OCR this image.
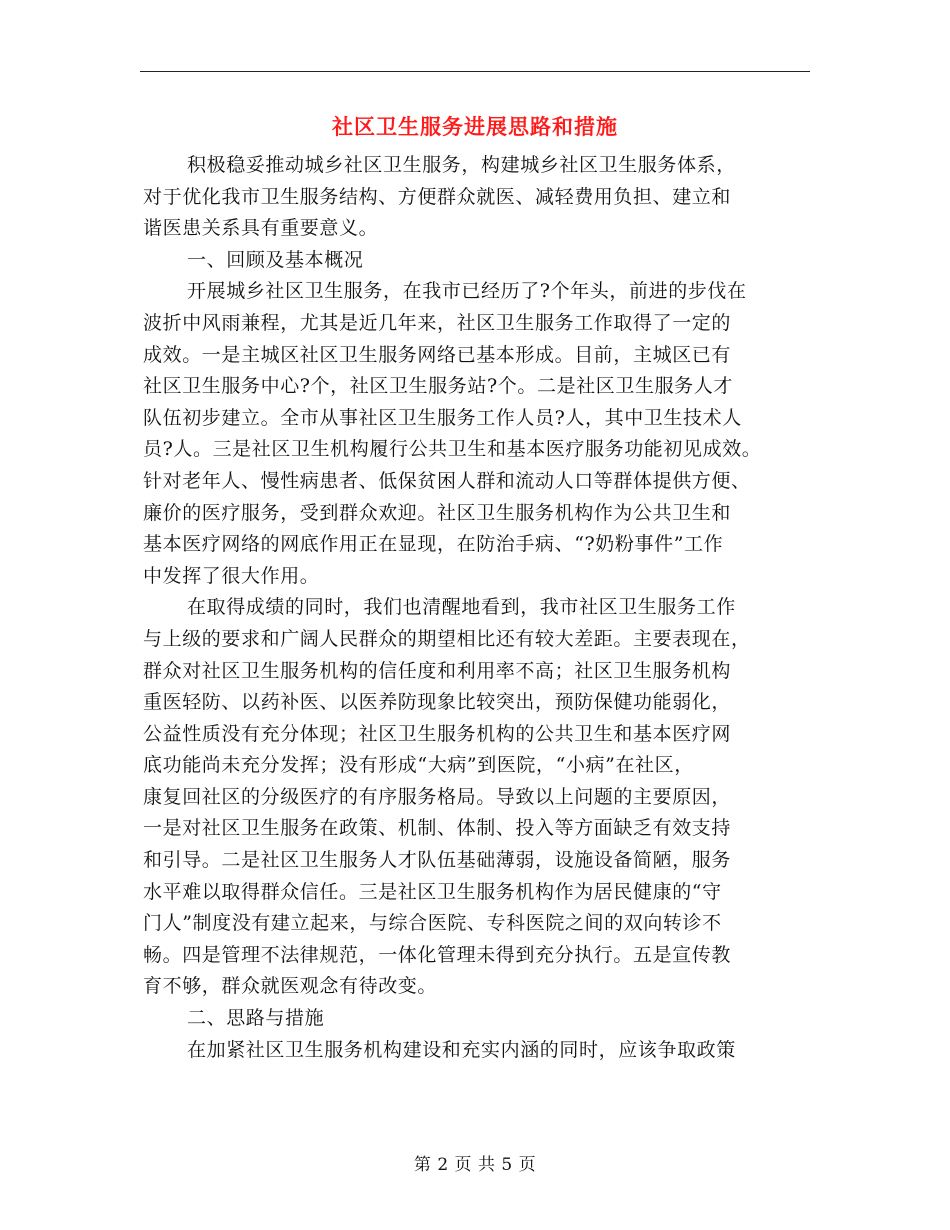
社区卫生服务进展思路和措施
积极稳妥推动城乡社区卫生服务，构建城乡社区卫生服务体系，
对于优化我市卫生服务结构、方便群众就医、减轻费用负担、建立和
谐医患关系具有重要意义。
一、回顾及基本概况
开展城乡社区卫生服务，在我市已经历了?个年头，前进的步伐在
波折中风雨兼程，尤其是近几年来，社区卫生服务工作取得了一定的
成效。一是主城区社区卫生服务网络已基本形成。目前，主城区已有
社区卫生服务中心?个，社区卫生服务站?个。二是社区卫生服务人才
队伍初步建立。全市从事社区卫生服务工作人员?人，其中卫生技术人
员?人。三是社区卫生机构履行公共卫生和基本医疗服务功能初见成效。
针对老年人、慢性病患者、低保贫困人群和流动人口等群体提供方便、
廉价的医疗服务，受到群众欢迎。社区卫生服务机构作为公共卫生和
基本医疗网络的网底作用正在显现，在防治手病、“?奶粉事件”工作
中发挥了很大作用。
在取得成绩的同时，我们也清醒地看到，我市社区卫生服务工作
与上级的要求和广阔人民群众的期望相比还有较大差距。主要表现在，
群众对社区卫生服务机构的信任度和利用率不高；社区卫生服务机构
重医轻防、以药补医、以医养防现象比较突出，预防保健功能弱化，
公益性质没有充分体现；社区卫生服务机构的公共卫生和基本医疗网
底功能尚未充分发挥；没有形成“大病”到医院，“小病”在社区，
康复回社区的分级医疗的有序服务格局。导致以上问题的主要原因，
一是对社区卫生服务在政策、机制、体制、投入等方面缺乏有效支持
和引导。二是社区卫生服务人才队伍基础薄弱，设施设备简陋，服务
水平难以取得群众信任。三是社区卫生服务机构作为居民健康的“守
门人”制度没有建立起来，与综合医院、专科医院之间的双向转诊不
畅。四是管理不法律规范，一体化管理未得到充分执行。五是宣传教
育不够，群众就医观念有待改变。
二、思路与措施
在加紧社区卫生服务机构建设和充实内涵的同时，应该争取政策
第 2 页 共 5 页
